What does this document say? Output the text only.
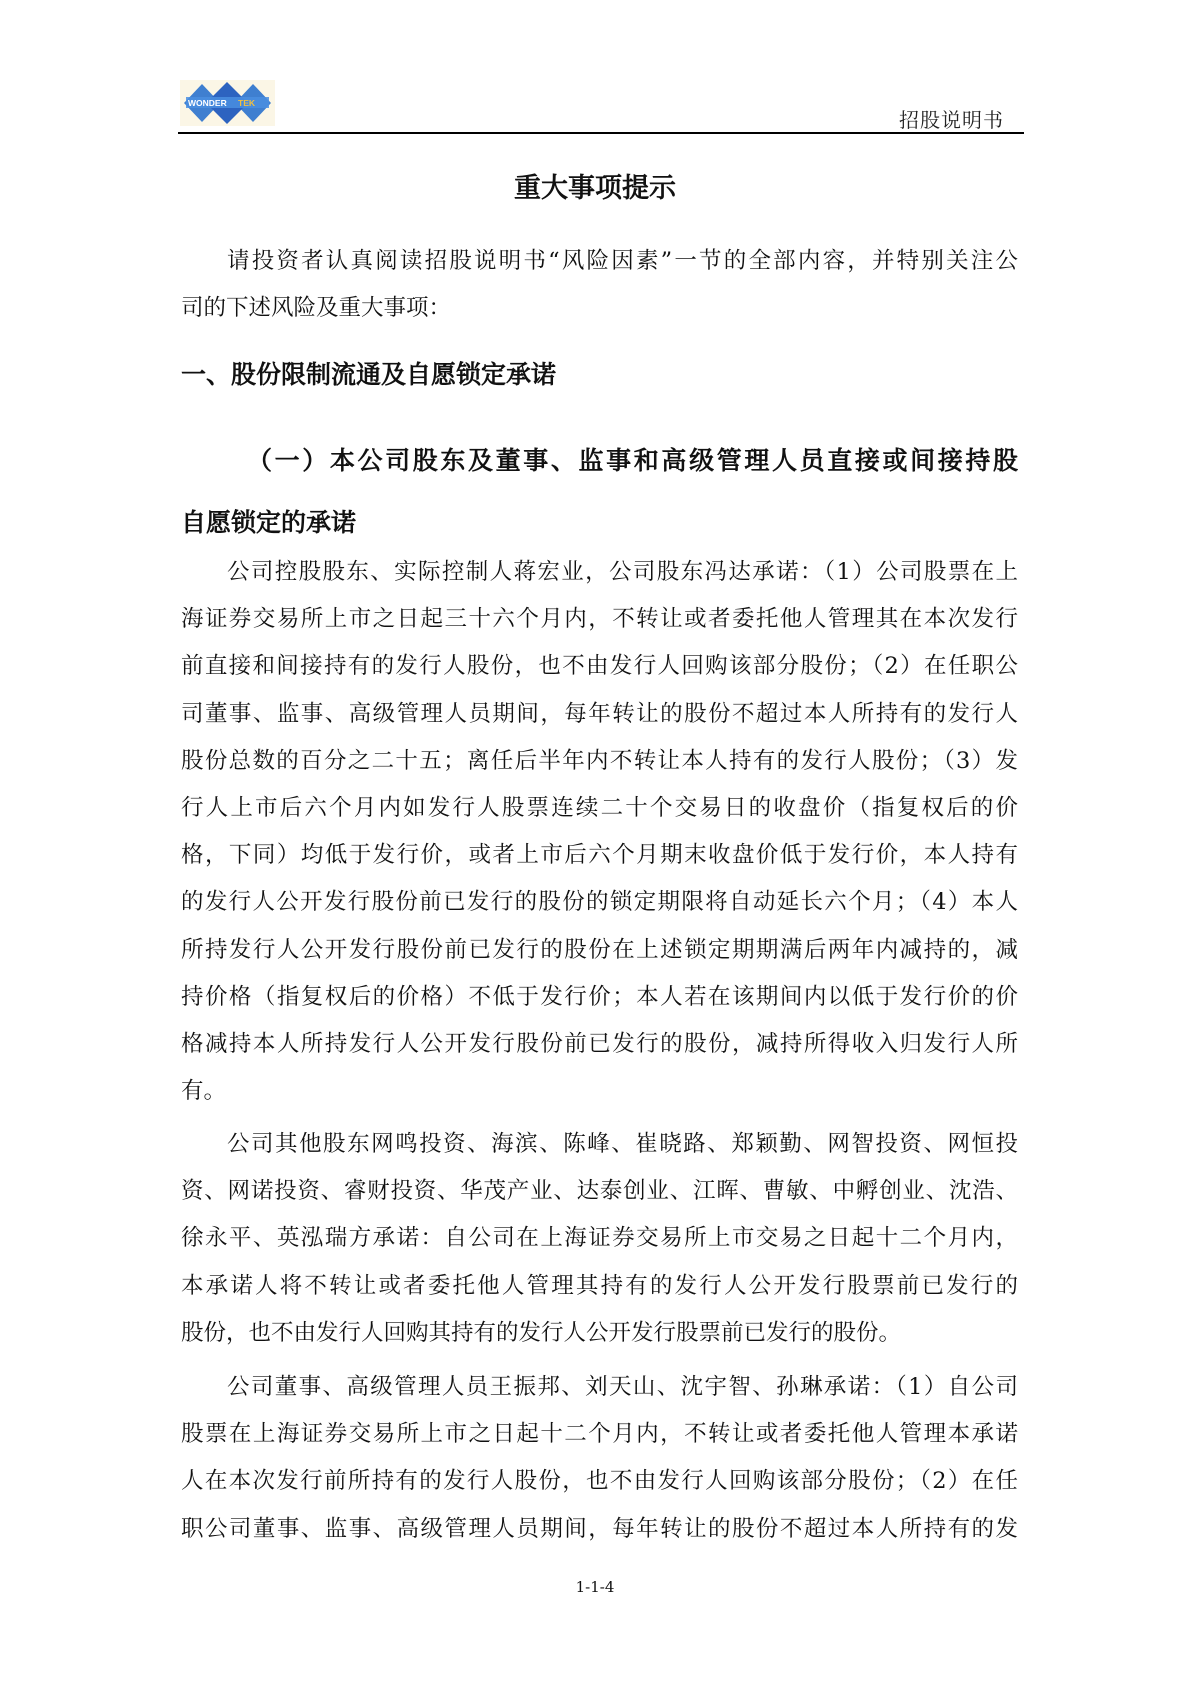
WONDER TEK
招股说明书
重大事项提示
请投资者认真阅读招股说明书“风险因素”一节的全部内容，并特别关注公
司的下述风险及重大事项：
一、股份限制流通及自愿锁定承诺
（一）本公司股东及董事、监事和高级管理人员直接或间接持股
自愿锁定的承诺
公司控股股东、实际控制人蒋宏业，公司股东冯达承诺：（1）公司股票在上
海证券交易所上市之日起三十六个月内，不转让或者委托他人管理其在本次发行
前直接和间接持有的发行人股份，也不由发行人回购该部分股份；（2）在任职公
司董事、监事、高级管理人员期间，每年转让的股份不超过本人所持有的发行人
股份总数的百分之二十五；离任后半年内不转让本人持有的发行人股份；（3）发
行人上市后六个月内如发行人股票连续二十个交易日的收盘价（指复权后的价
格，下同）均低于发行价，或者上市后六个月期末收盘价低于发行价，本人持有
的发行人公开发行股份前已发行的股份的锁定期限将自动延长六个月；（4）本人
所持发行人公开发行股份前已发行的股份在上述锁定期期满后两年内减持的，减
持价格（指复权后的价格）不低于发行价；本人若在该期间内以低于发行价的价
格减持本人所持发行人公开发行股份前已发行的股份，减持所得收入归发行人所
有。
公司其他股东网鸣投资、海滨、陈峰、崔晓路、郑颖勤、网智投资、网恒投
资、网诺投资、睿财投资、华茂产业、达泰创业、江晖、曹敏、中孵创业、沈浩、
徐永平、英泓瑞方承诺：自公司在上海证券交易所上市交易之日起十二个月内，
本承诺人将不转让或者委托他人管理其持有的发行人公开发行股票前已发行的
股份，也不由发行人回购其持有的发行人公开发行股票前已发行的股份。
公司董事、高级管理人员王振邦、刘天山、沈宇智、孙琳承诺：（1）自公司
股票在上海证券交易所上市之日起十二个月内，不转让或者委托他人管理本承诺
人在本次发行前所持有的发行人股份，也不由发行人回购该部分股份；（2）在任
职公司董事、监事、高级管理人员期间，每年转让的股份不超过本人所持有的发
1-1-4
